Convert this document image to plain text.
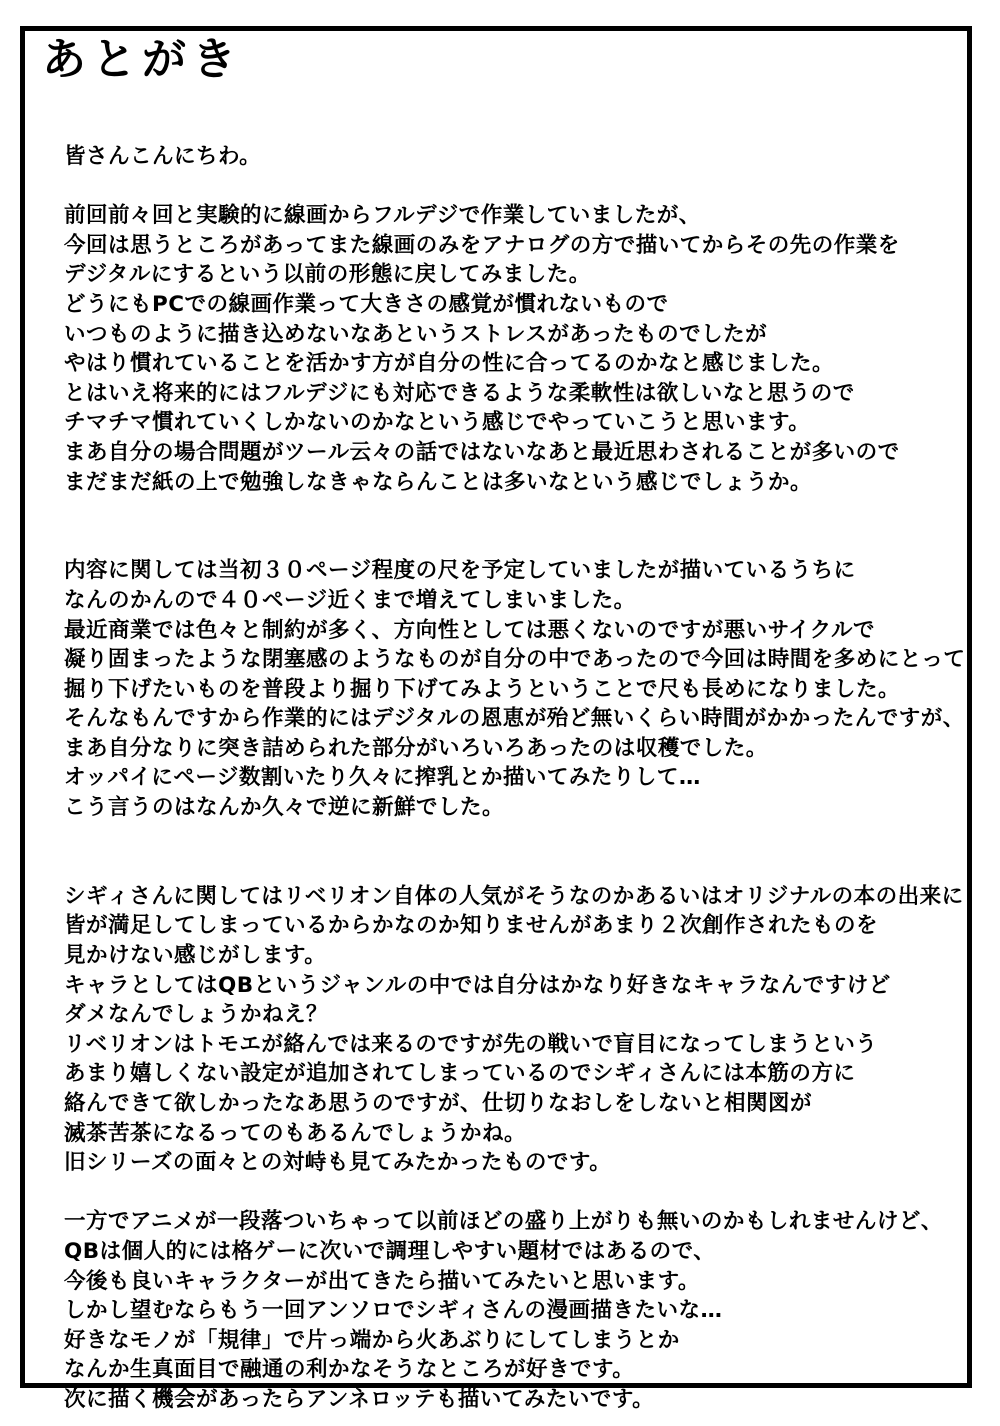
あとがき
皆さんこんにちわ。
前回前々回と実験的に線画からフルデジで作業していましたが、
今回は思うところがあってまた線画のみをアナログの方で描いてからその先の作業を
デジタルにするという以前の形態に戻してみました。
どうにもPCでの線画作業って大きさの感覚が慣れないもので
いつものように描き込めないなあというストレスがあったものでしたが
やはり慣れていることを活かす方が自分の性に合ってるのかなと感じました。
とはいえ将来的にはフルデジにも対応できるような柔軟性は欲しいなと思うので
チマチマ慣れていくしかないのかなという感じでやっていこうと思います。
まあ自分の場合問題がツール云々の話ではないなあと最近思わされることが多いので
まだまだ紙の上で勉強しなきゃならんことは多いなという感じでしょうか。
内容に関しては当初３０ページ程度の尺を予定していましたが描いているうちに
なんのかんので４０ページ近くまで増えてしまいました。
最近商業では色々と制約が多く、方向性としては悪くないのですが悪いサイクルで
凝り固まったような閉塞感のようなものが自分の中であったので今回は時間を多めにとって
掘り下げたいものを普段より掘り下げてみようということで尺も長めになりました。
そんなもんですから作業的にはデジタルの恩恵が殆ど無いくらい時間がかかったんですが、
まあ自分なりに突き詰められた部分がいろいろあったのは収穫でした。
オッパイにページ数割いたり久々に搾乳とか描いてみたりして…
こう言うのはなんか久々で逆に新鮮でした。
シギィさんに関してはリベリオン自体の人気がそうなのかあるいはオリジナルの本の出来に
皆が満足してしまっているからかなのか知りませんがあまり２次創作されたものを
見かけない感じがします。
キャラとしてはQBというジャンルの中では自分はかなり好きなキャラなんですけど
ダメなんでしょうかねえ？
リベリオンはトモエが絡んでは来るのですが先の戦いで盲目になってしまうという
あまり嬉しくない設定が追加されてしまっているのでシギィさんには本筋の方に
絡んできて欲しかったなあ思うのですが、仕切りなおしをしないと相関図が
滅茶苦茶になるってのもあるんでしょうかね。
旧シリーズの面々との対峙も見てみたかったものです。
一方でアニメが一段落ついちゃって以前ほどの盛り上がりも無いのかもしれませんけど、
QBは個人的には格ゲーに次いで調理しやすい題材ではあるので、
今後も良いキャラクターが出てきたら描いてみたいと思います。
しかし望むならもう一回アンソロでシギィさんの漫画描きたいな…
好きなモノが「規律」で片っ端から火あぶりにしてしまうとか
なんか生真面目で融通の利かなそうなところが好きです。
次に描く機会があったらアンネロッテも描いてみたいです。
